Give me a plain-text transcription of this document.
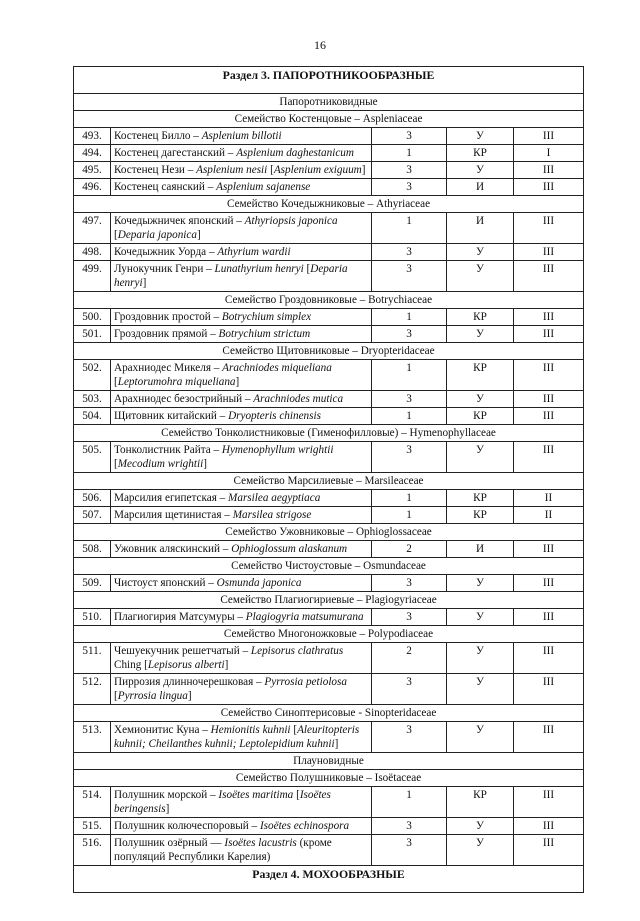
16
Раздел 3. ПАПОРОТНИКООБРАЗНЫЕ				
Папоротниковидные				
Семейство Костенцовые – Aspleniaceae				
493.	Костенец Билло – Asplenium billotii	3	У	III
494.	Костенец дагестанский – Asplenium daghestanicum	1	КР	I
495.	Костенец Нези – Asplenium nesii [Asplenium exiguum]	3	У	III
496.	Костенец саянский – Asplenium sajanense	3	И	III
Семейство Кочедыжниковые – Athyriaceae				
497.	Кочедыжничек японский – Athyriopsis japonica [Deparia japonica]	1	И	III
498.	Кочедыжник Уорда – Athyrium wardii	3	У	III
499.	Лунокучник Генри – Lunathyrium henryi [Deparia henryi]	3	У	III
Семейство Гроздовниковые – Botrychiaceae				
500.	Гроздовник простой – Botrychium simplex	1	КР	III
501.	Гроздовник прямой – Botrychium strictum	3	У	III
Семейство Щитовниковые – Dryopteridaceae				
502.	Арахниодес Микеля – Arachniodes miqueliana [Leptorumohra miqueliana]	1	КР	III
503.	Арахниодес безострийный – Arachniodes mutica	3	У	III
504.	Щитовник китайский – Dryopteris chinensis	1	КР	III
Семейство Тонколистниковые (Гименофилловые) – Hymenophyllaceae				
505.	Тонколистник Райта – Hymenophyllum wrightii [Mecodium wrightii]	3	У	III
Семейство Марсилиевые – Marsileaceae				
506.	Марсилия египетская – Marsilea aegyptiaca	1	КР	II
507.	Марсилия щетинистая – Marsilea strigose	1	КР	II
Семейство Ужовниковые – Ophioglossaceae				
508.	Ужовник аляскинский – Ophioglossum alaskanum	2	И	III
Семейство Чистоустовые – Osmundaceae				
509.	Чистоуст японский – Osmunda japonica	3	У	III
Семейство Плагиогириевые – Plagiogyriaceae				
510.	Плагиогирия Матсумуры – Plagiogyria matsumurana	3	У	III
Семейство Многоножковые – Polypodiaceae				
511.	Чешуекучник решетчатый – Lepisorus clathratus Ching [Lepisorus alberti]	2	У	III
512.	Пиррозия длинночерешковая – Pyrrosia petiolosa [Pyrrosia lingua]	3	У	III
Семейство Синоптерисовые - Sinopteridaceae				
513.	Хемионитис Куна – Hemionitis kuhnii [Aleuritopteris kuhnii; Cheilanthes kuhnii; Leptolepidium kuhnii]	3	У	III
Плауновидные				
Семейство Полушниковые – Isoëtaceae				
514.	Полушник морской – Isoëtes maritima [Isoëtes beringensis]	1	КР	III
515.	Полушник колючеспоровый – Isoëtes echinospora	3	У	III
516.	Полушник озёрный — Isoëtes lacustris (кроме популяций Республики Карелия)	3	У	III
Раздел 4. МОХООБРАЗНЫЕ				
